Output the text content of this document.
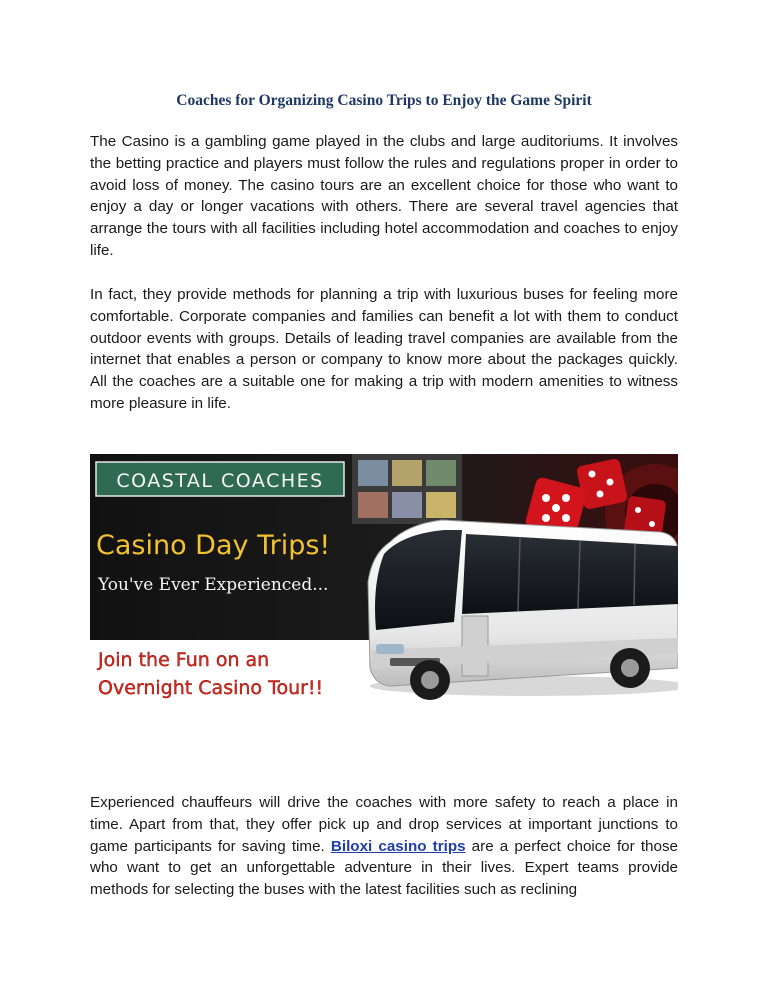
Coaches for Organizing Casino Trips to Enjoy the Game Spirit

The Casino is a gambling game played in the clubs and large auditoriums. It involves the betting practice and players must follow the rules and regulations proper in order to avoid loss of money. The casino tours are an excellent choice for those who want to enjoy a day or longer vacations with others. There are several travel agencies that arrange the tours with all facilities including hotel accommodation and coaches to enjoy life.

In fact, they provide methods for planning a trip with luxurious buses for feeling more comfortable. Corporate companies and families can benefit a lot with them to conduct outdoor events with groups. Details of leading travel companies are available from the internet that enables a person or company to know more about the packages quickly. All the coaches are a suitable one for making a trip with modern amenities to witness more pleasure in life.

COASTAL COACHES
Casino Day Trips!
You've Ever Experienced...
Join the Fun on an
Overnight Casino Tour!!

Experienced chauffeurs will drive the coaches with more safety to reach a place in time. Apart from that, they offer pick up and drop services at important junctions to game participants for saving time. Biloxi casino trips are a perfect choice for those who want to get an unforgettable adventure in their lives. Expert teams provide methods for selecting the buses with the latest facilities such as reclining
